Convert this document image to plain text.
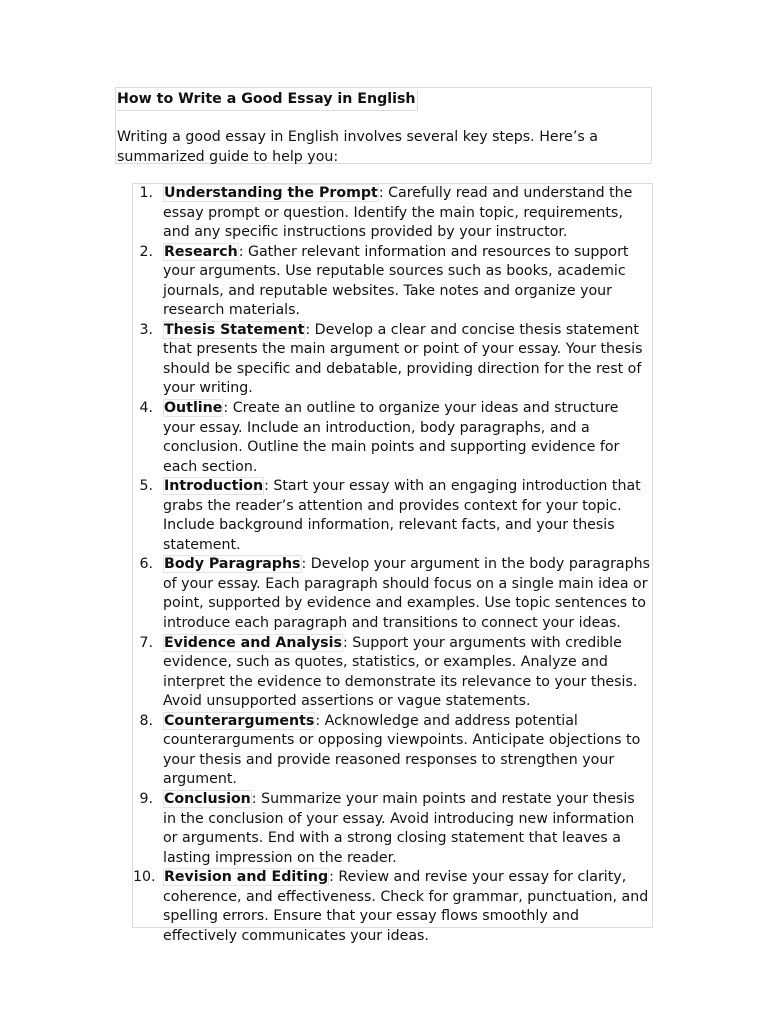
How to Write a Good Essay in English
Writing a good essay in English involves several key steps. Here’s a summarized guide to help you:
1. Understanding the Prompt: Carefully read and understand the essay prompt or question. Identify the main topic, requirements, and any specific instructions provided by your instructor.
2. Research: Gather relevant information and resources to support your arguments. Use reputable sources such as books, academic journals, and reputable websites. Take notes and organize your research materials.
3. Thesis Statement: Develop a clear and concise thesis statement that presents the main argument or point of your essay. Your thesis should be specific and debatable, providing direction for the rest of your writing.
4. Outline: Create an outline to organize your ideas and structure your essay. Include an introduction, body paragraphs, and a conclusion. Outline the main points and supporting evidence for each section.
5. Introduction: Start your essay with an engaging introduction that grabs the reader’s attention and provides context for your topic. Include background information, relevant facts, and your thesis statement.
6. Body Paragraphs: Develop your argument in the body paragraphs of your essay. Each paragraph should focus on a single main idea or point, supported by evidence and examples. Use topic sentences to introduce each paragraph and transitions to connect your ideas.
7. Evidence and Analysis: Support your arguments with credible evidence, such as quotes, statistics, or examples. Analyze and interpret the evidence to demonstrate its relevance to your thesis. Avoid unsupported assertions or vague statements.
8. Counterarguments: Acknowledge and address potential counterarguments or opposing viewpoints. Anticipate objections to your thesis and provide reasoned responses to strengthen your argument.
9. Conclusion: Summarize your main points and restate your thesis in the conclusion of your essay. Avoid introducing new information or arguments. End with a strong closing statement that leaves a lasting impression on the reader.
10. Revision and Editing: Review and revise your essay for clarity, coherence, and effectiveness. Check for grammar, punctuation, and spelling errors. Ensure that your essay flows smoothly and effectively communicates your ideas.
